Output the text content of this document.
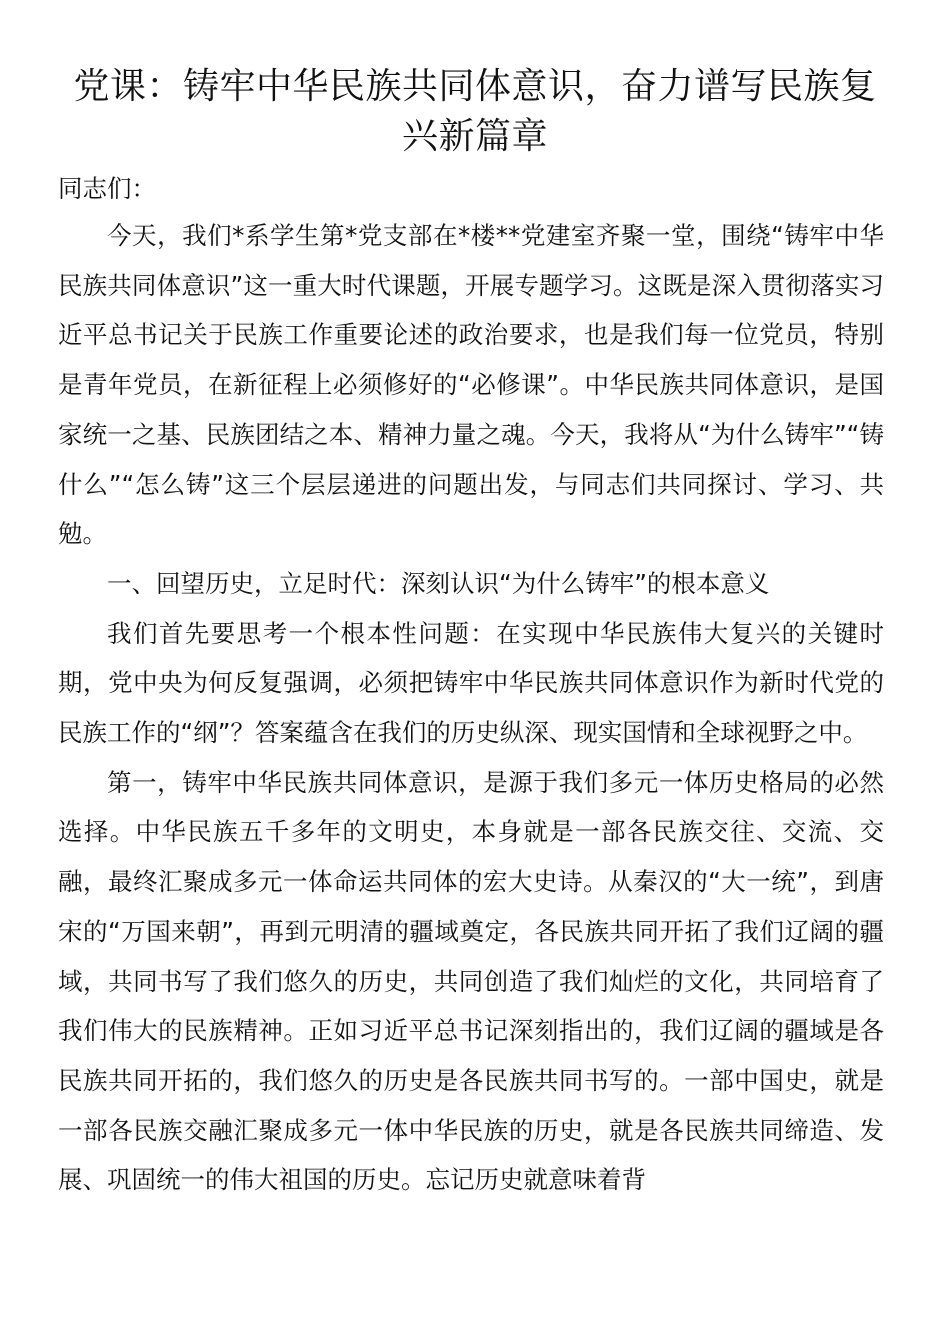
党课：铸牢中华民族共同体意识，奋力谱写民族复兴新篇章

同志们：

今天，我们*系学生第*党支部在*楼**党建室齐聚一堂，围绕“铸牢中华民族共同体意识”这一重大时代课题，开展专题学习。这既是深入贯彻落实习近平总书记关于民族工作重要论述的政治要求，也是我们每一位党员，特别是青年党员，在新征程上必须修好的“必修课”。中华民族共同体意识，是国家统一之基、民族团结之本、精神力量之魂。今天，我将从“为什么铸牢”“铸什么”“怎么铸”这三个层层递进的问题出发，与同志们共同探讨、学习、共勉。

一、回望历史，立足时代：深刻认识“为什么铸牢”的根本意义

我们首先要思考一个根本性问题：在实现中华民族伟大复兴的关键时期，党中央为何反复强调，必须把铸牢中华民族共同体意识作为新时代党的民族工作的“纲”？答案蕴含在我们的历史纵深、现实国情和全球视野之中。

第一，铸牢中华民族共同体意识，是源于我们多元一体历史格局的必然选择。中华民族五千多年的文明史，本身就是一部各民族交往、交流、交融，最终汇聚成多元一体命运共同体的宏大史诗。从秦汉的“大一统”，到唐宋的“万国来朝”，再到元明清的疆域奠定，各民族共同开拓了我们辽阔的疆域，共同书写了我们悠久的历史，共同创造了我们灿烂的文化，共同培育了我们伟大的民族精神。正如习近平总书记深刻指出的，我们辽阔的疆域是各民族共同开拓的，我们悠久的历史是各民族共同书写的。一部中国史，就是一部各民族交融汇聚成多元一体中华民族的历史，就是各民族共同缔造、发展、巩固统一的伟大祖国的历史。忘记历史就意味着背
